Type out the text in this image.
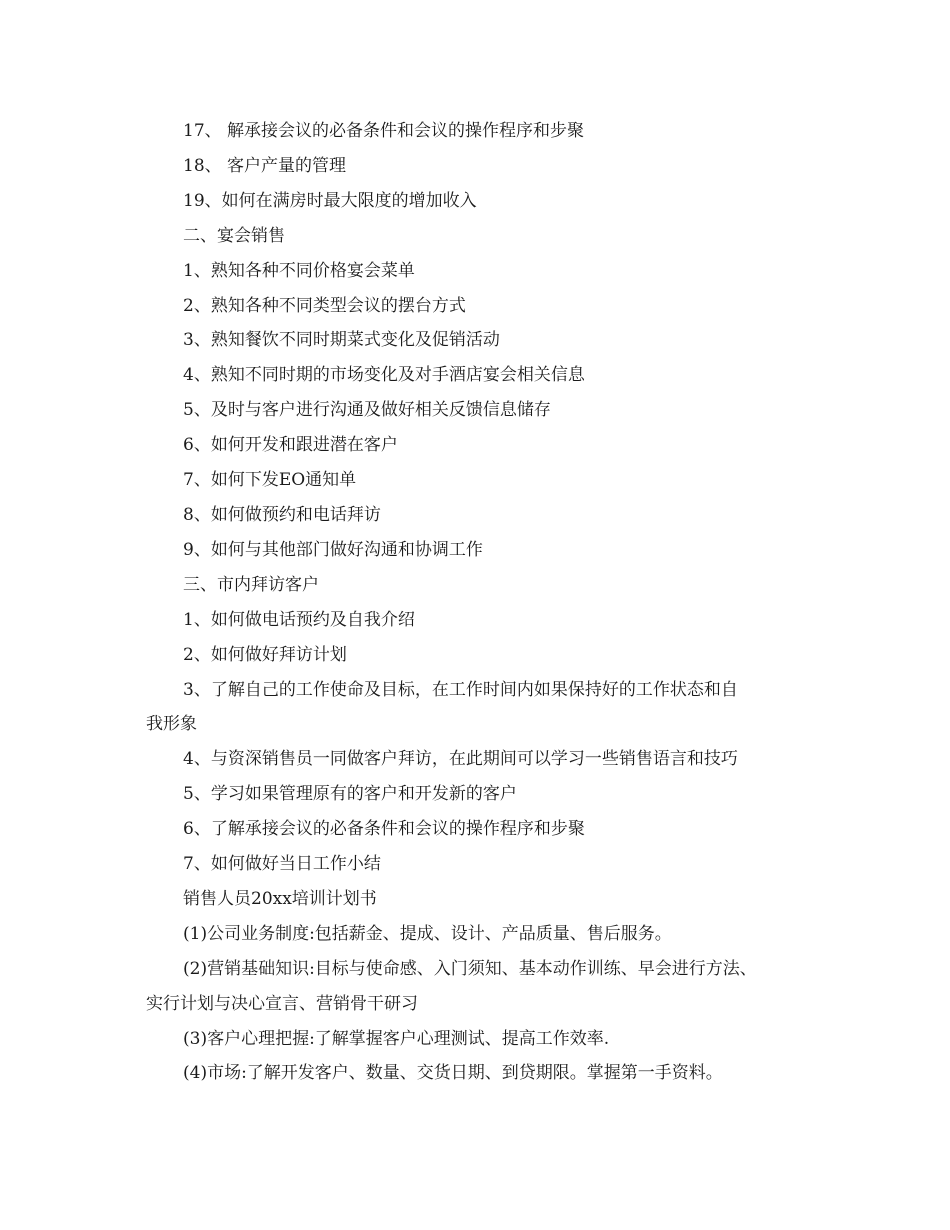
17、 解承接会议的必备条件和会议的操作程序和步聚

18、 客户产量的管理

19、如何在满房时最大限度的增加收入

二、宴会销售

1、熟知各种不同价格宴会菜单

2、熟知各种不同类型会议的摆台方式

3、熟知餐饮不同时期菜式变化及促销活动

4、熟知不同时期的市场变化及对手酒店宴会相关信息

5、及时与客户进行沟通及做好相关反馈信息储存

6、如何开发和跟进潜在客户

7、如何下发EO通知单

8、如何做预约和电话拜访

9、如何与其他部门做好沟通和协调工作

三、市内拜访客户

1、如何做电话预约及自我介绍

2、如何做好拜访计划

3、了解自己的工作使命及目标，在工作时间内如果保持好的工作状态和自

我形象

4、与资深销售员一同做客户拜访，在此期间可以学习一些销售语言和技巧

5、学习如果管理原有的客户和开发新的客户

6、了解承接会议的必备条件和会议的操作程序和步聚

7、如何做好当日工作小结

销售人员20xx培训计划书

(1)公司业务制度:包括薪金、提成、设计、产品质量、售后服务。

(2)营销基础知识:目标与使命感、入门须知、基本动作训练、早会进行方法、

实行计划与决心宣言、营销骨干研习

(3)客户心理把握:了解掌握客户心理测试、提高工作效率.

(4)市场:了解开发客户、数量、交货日期、到贷期限。掌握第一手资料。
